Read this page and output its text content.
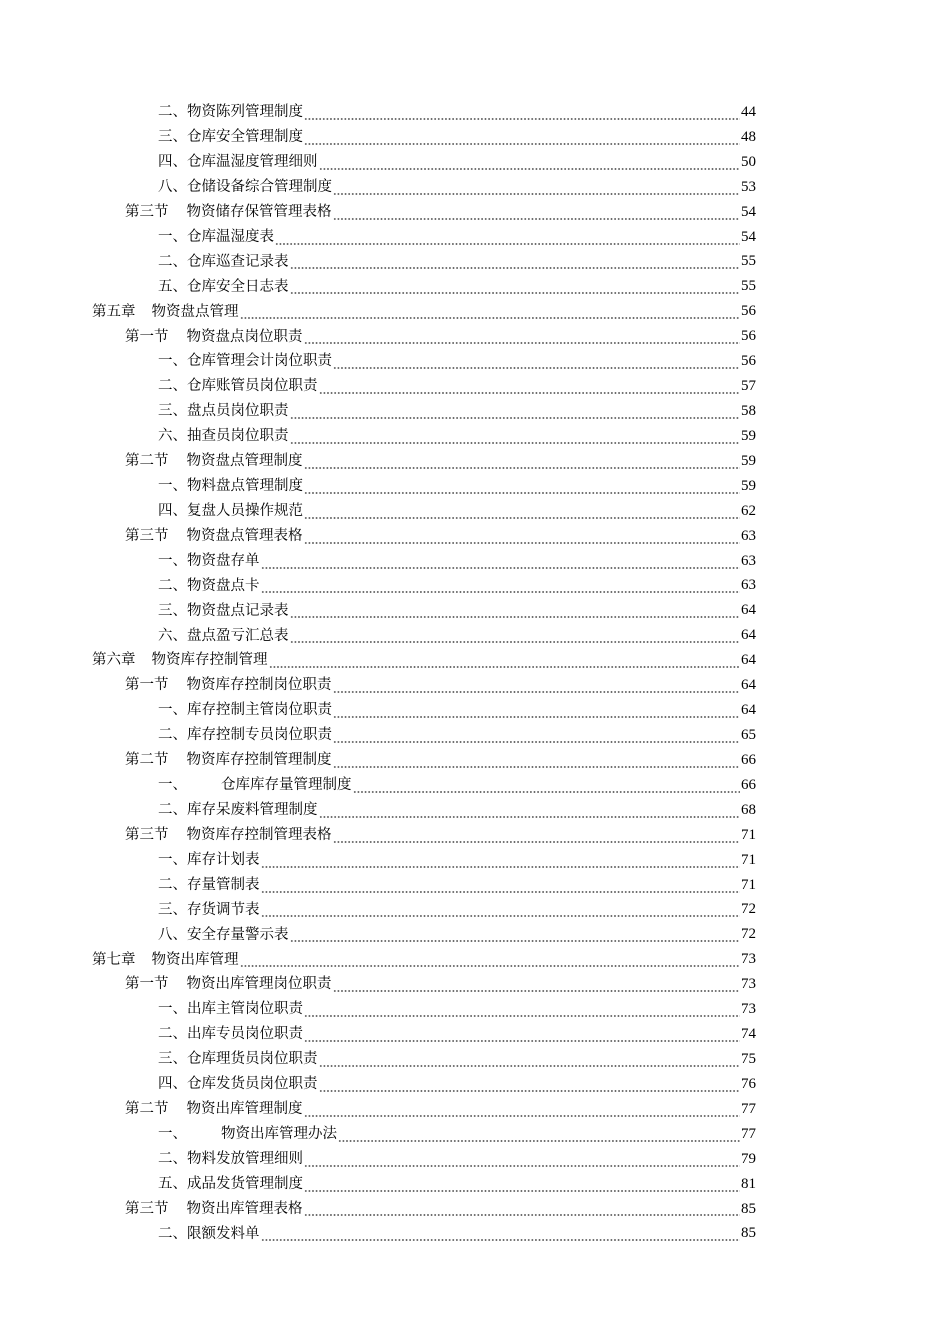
二、 物资陈列管理制度	44
三、 仓库安全管理制度	48
四、 仓库温湿度管理细则	50
八、 仓储设备综合管理制度	53
第三节 物资储存保管管理表格	54
一、 仓库温湿度表	54
二、 仓库巡查记录表	55
五、 仓库安全日志表	55
第五章 物资盘点管理	56
第一节 物资盘点岗位职责	56
一、 仓库管理会计岗位职责	56
二、 仓库账管员岗位职责	57
三、 盘点员岗位职责	58
六、 抽查员岗位职责	59
第二节 物资盘点管理制度	59
一、 物料盘点管理制度	59
四、 复盘人员操作规范	62
第三节 物资盘点管理表格	63
一、 物资盘存单	63
二、 物资盘点卡	63
三、 物资盘点记录表	64
六、 盘点盈亏汇总表	64
第六章 物资库存控制管理	64
第一节 物资库存控制岗位职责	64
一、 库存控制主管岗位职责	64
二、 库存控制专员岗位职责	65
第二节 物资库存控制管理制度	66
一、 仓库库存量管理制度	66
二、 库存呆废料管理制度	68
第三节 物资库存控制管理表格	71
一、 库存计划表	71
二、 存量管制表	71
三、 存货调节表	72
八、 安全存量警示表	72
第七章 物资出库管理	73
第一节 物资出库管理岗位职责	73
一、 出库主管岗位职责	73
二、 出库专员岗位职责	74
三、 仓库理货员岗位职责	75
四、 仓库发货员岗位职责	76
第二节 物资出库管理制度	77
一、 物资出库管理办法	77
二、 物料发放管理细则	79
五、 成品发货管理制度	81
第三节 物资出库管理表格	85
二、 限额发料单	85
